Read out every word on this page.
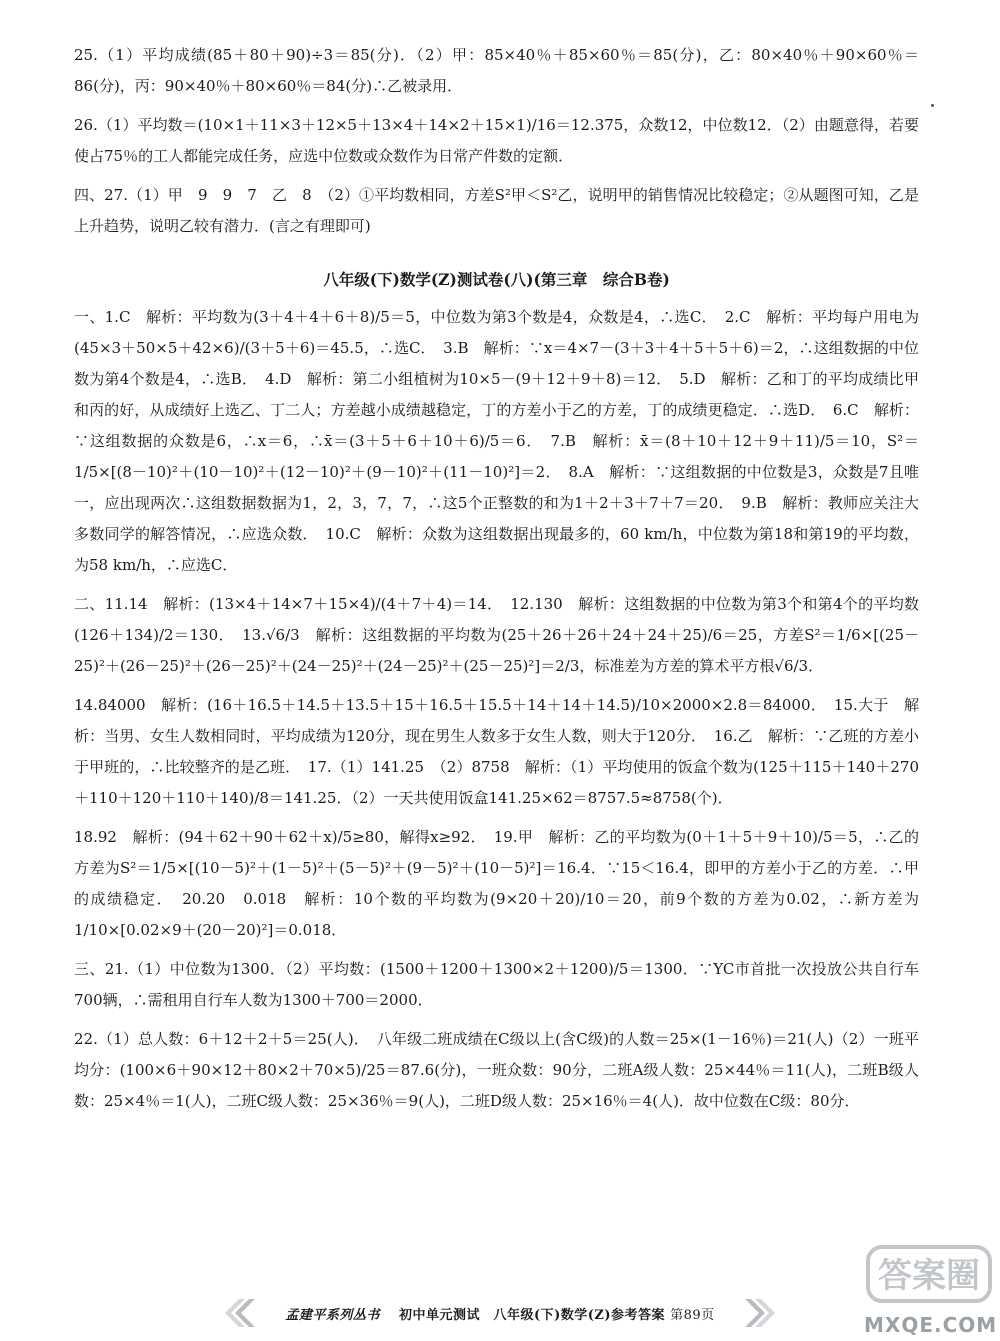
25.（1）平均成绩(85＋80＋90)÷3＝85(分)．（2）甲：85×40％＋85×60％＝85(分)，乙：80×40％＋90×60％＝86(分)，丙：90×40％＋80×60％＝84(分)∴乙被录用．

26.（1）平均数＝(10×1＋11×3＋12×5＋13×4＋14×2＋15×1)/16＝12.375，众数12，中位数12．（2）由题意得，若要使占75％的工人都能完成任务，应选中位数或众数作为日常产件数的定额．

四、27.（1）甲　9　9　7　乙　8　（2）①平均数相同，方差S²甲＜S²乙，说明甲的销售情况比较稳定；②从题图可知，乙是上升趋势，说明乙较有潜力．(言之有理即可)

八年级(下)数学(Z)测试卷(八)(第三章　综合B卷)

一、1.C　解析：平均数为(3＋4＋4＋6＋8)/5＝5，中位数为第3个数是4，众数是4，∴选C．　2.C　解析：平均每户用电为(45×3＋50×5＋42×6)/(3＋5＋6)＝45.5，∴选C．　3.B　解析：∵x＝4×7－(3＋3＋4＋5＋5＋6)＝2，∴这组数据的中位数为第4个数是4，∴选B．　4.D　解析：第二小组植树为10×5－(9＋12＋9＋8)＝12．　5.D　解析：乙和丁的平均成绩比甲和丙的好，从成绩好上选乙、丁二人；方差越小成绩越稳定，丁的方差小于乙的方差，丁的成绩更稳定．∴选D．　6.C　解析：∵这组数据的众数是6，∴x＝6，∴x̄＝(3＋5＋6＋10＋6)/5＝6．　7.B　解析：x̄＝(8＋10＋12＋9＋11)/5＝10，S²＝1/5×[(8－10)²＋(10－10)²＋(12－10)²＋(9－10)²＋(11－10)²]＝2．　8.A　解析：∵这组数据的中位数是3，众数是7且唯一，应出现两次∴这组数据数据为1，2，3，7，7，∴这5个正整数的和为1＋2＋3＋7＋7＝20．　9.B　解析：教师应关注大多数同学的解答情况，∴应选众数．　10.C　解析：众数为这组数据出现最多的，60 km/h，中位数为第18和第19的平均数，为58 km/h，∴应选C．

二、11.14　解析：(13×4＋14×7＋15×4)/(4＋7＋4)＝14．　12.130　解析：这组数据的中位数为第3个和第4个的平均数(126＋134)/2＝130．　13.√6/3　解析：这组数据的平均数为(25＋26＋26＋24＋24＋25)/6＝25，方差S²＝1/6×[(25－25)²＋(26－25)²＋(26－25)²＋(24－25)²＋(24－25)²＋(25－25)²]＝2/3，标准差为方差的算术平方根√6/3．

14.84000　解析：(16＋16.5＋14.5＋13.5＋15＋16.5＋15.5＋14＋14＋14.5)/10×2000×2.8＝84000．　15.大于　解析：当男、女生人数相同时，平均成绩为120分，现在男生人数多于女生人数，则大于120分．　16.乙　解析：∵乙班的方差小于甲班的，∴比较整齐的是乙班．　17.（1）141.25　（2）8758　解析：（1）平均使用的饭盒个数为(125＋115＋140＋270＋110＋120＋110＋140)/8＝141.25．（2）一天共使用饭盒141.25×62＝8757.5≈8758(个)．

18.92　解析：(94＋62＋90＋62＋x)/5≥80，解得x≥92．　19.甲　解析：乙的平均数为(0＋1＋5＋9＋10)/5＝5，∴乙的方差为S²＝1/5×[(10－5)²＋(1－5)²＋(5－5)²＋(9－5)²＋(10－5)²]＝16.4．∵15＜16.4，即甲的方差小于乙的方差．∴甲的成绩稳定．　20.20　0.018　解析：10个数的平均数为(9×20＋20)/10＝20，前9个数的方差为0.02，∴新方差为1/10×[0.02×9＋(20－20)²]＝0.018．

三、21.（1）中位数为1300．（2）平均数：(1500＋1200＋1300×2＋1200)/5＝1300．∵YC市首批一次投放公共自行车700辆，∴需租用自行车人数为1300＋700＝2000．

22.（1）总人数：6＋12＋2＋5＝25(人)．　八年级二班成绩在C级以上(含C级)的人数＝25×(1－16％)＝21(人)（2）一班平均分：(100×6＋90×12＋80×2＋70×5)/25＝87.6(分)，一班众数：90分，二班A级人数：25×44％＝11(人)，二班B级人数：25×4％＝1(人)，二班C级人数：25×36％＝9(人)，二班D级人数：25×16％＝4(人)．故中位数在C级：80分．

孟建平系列丛书 初中单元测试　八年级(下)数学(Z)参考答案 第89页
答案圈
MXQE.COM
